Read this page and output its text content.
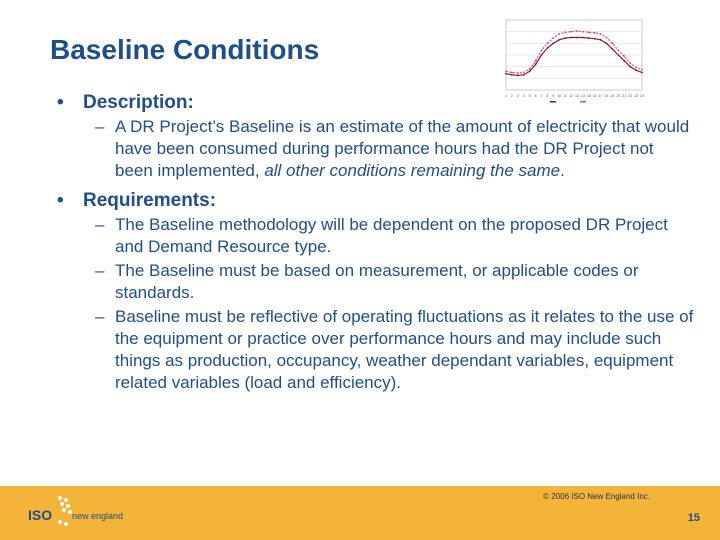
Baseline Conditions
1 2 3 4 5 6 7 8 9 10 11 12 13 14 15 16 17 18 19 20 21 22 23 24
• Description:
– A DR Project’s Baseline is an estimate of the amount of electricity that would have been consumed during performance hours had the DR Project not been implemented, all other conditions remaining the same.
• Requirements:
– The Baseline methodology will be dependent on the proposed DR Project and Demand Resource type.
– The Baseline must be based on measurement, or applicable codes or standards.
– Baseline must be reflective of operating fluctuations as it relates to the use of the equipment or practice over performance hours and may include such things as production, occupancy, weather dependant variables, equipment related variables (load and efficiency).
ISO new england
© 2006 ISO New England Inc.
15
